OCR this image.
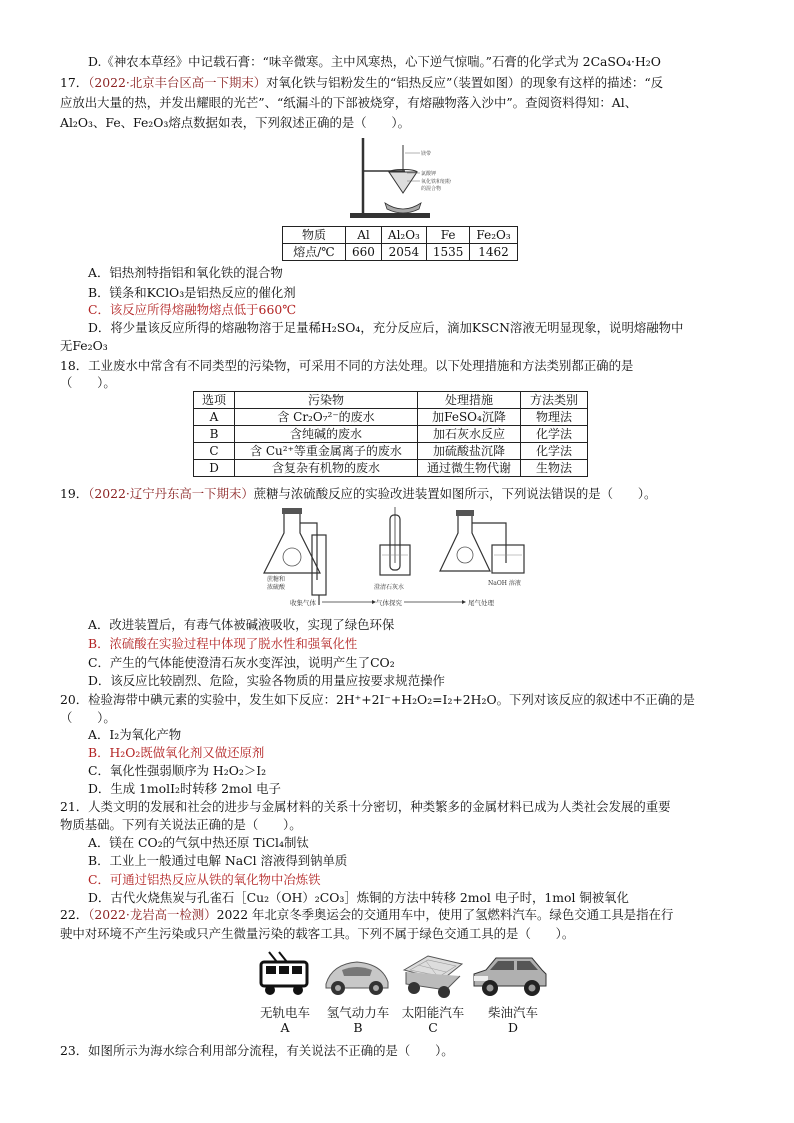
D.《神农本草经》中记载石膏：“味辛微寒。主中风寒热，心下逆气惊喘。”石膏的化学式为 2CaSO₄·H₂O
17．（2022·北京丰台区高一下期末）对氧化铁与铝粉发生的“铝热反应”（装置如图）的现象有这样的描述：“反
应放出大量的热，并发出耀眼的光芒”、“纸漏斗的下部被烧穿，有熔融物落入沙中”。查阅资料得知：Al、
Al₂O₃、Fe、Fe₂O₃熔点数据如表，下列叙述正确的是（　　）。
镁带
氯酸钾
氧化铁和铝粉
的混合物
物质	Al	Al₂O₃	Fe	Fe₂O₃
熔点/℃	660	2054	1535	1462
A．铝热剂特指铝和氧化铁的混合物
B．镁条和KClO₃是铝热反应的催化剂
C．该反应所得熔融物熔点低于660℃
D．将少量该反应所得的熔融物溶于足量稀H₂SO₄，充分反应后，滴加KSCN溶液无明显现象，说明熔融物中
无Fe₂O₃
18．工业废水中常含有不同类型的污染物，可采用不同的方法处理。以下处理措施和方法类别都正确的是
（　　）。
选项	污染物	处理措施	方法类别
A	含 Cr₂O₇²⁻的废水	加FeSO₄沉降	物理法
B	含纯碱的废水	加石灰水反应	化学法
C	含 Cu²⁺等重金属离子的废水	加硫酸盐沉降	化学法
D	含复杂有机物的废水	通过微生物代谢	生物法
19．（2022·辽宁丹东高一下期末）蔗糖与浓硫酸反应的实验改进装置如图所示，下列说法错误的是（　　）。
蔗糖和
浓硫酸	澄清石灰水
NaOH 溶液
收集气体	气体探究	尾气处理
A．改进装置后，有毒气体被碱液吸收，实现了绿色环保
B．浓硫酸在实验过程中体现了脱水性和强氧化性
C．产生的气体能使澄清石灰水变浑浊，说明产生了CO₂
D．该反应比较剧烈、危险，实验各物质的用量应按要求规范操作
20．检验海带中碘元素的实验中，发生如下反应：2H⁺+2I⁻+H₂O₂=I₂+2H₂O。下列对该反应的叙述中不正确的是
（　　）。
A．I₂为氧化产物
B．H₂O₂既做氧化剂又做还原剂
C．氧化性强弱顺序为 H₂O₂＞I₂
D．生成 1molI₂时转移 2mol 电子
21．人类文明的发展和社会的进步与金属材料的关系十分密切，种类繁多的金属材料已成为人类社会发展的重要
物质基础。下列有关说法正确的是（　　）。
A．镁在 CO₂的气氛中热还原 TiCl₄制钛
B．工业上一般通过电解 NaCl 溶液得到钠单质
C．可通过铝热反应从铁的氧化物中冶炼铁
D．古代火烧焦炭与孔雀石［Cu₂（OH）₂CO₃］炼铜的方法中转移 2mol 电子时，1mol 铜被氧化
22．（2022·龙岩高一检测）2022 年北京冬季奥运会的交通用车中，使用了氢燃料汽车。绿色交通工具是指在行
驶中对环境不产生污染或只产生微量污染的载客工具。下列不属于绿色交通工具的是（　　）。
无轨电车
A
氢气动力车
B
太阳能汽车
C
柴油汽车
D
23．如图所示为海水综合利用部分流程，有关说法不正确的是（　　）。
